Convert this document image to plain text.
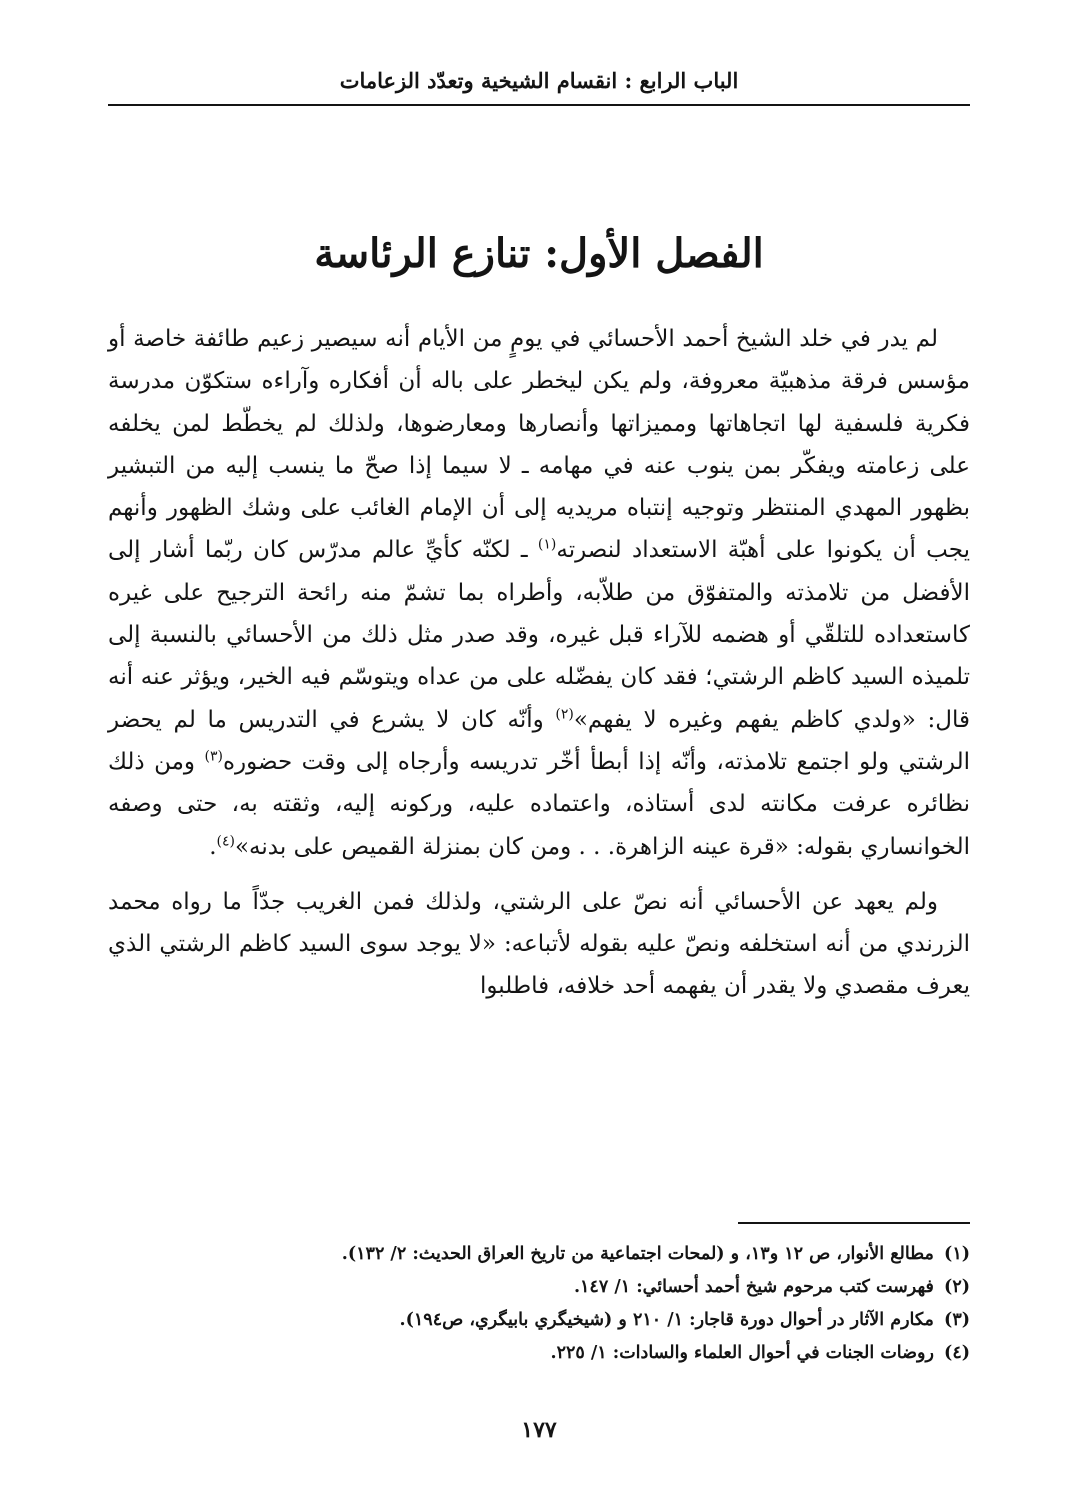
الباب الرابع : انقسام الشيخية وتعدّد الزعامات
الفصل الأول: تنازع الرئاسة

لم يدر في خلد الشيخ أحمد الأحسائي في يومٍ من الأيام أنه سيصير زعيم طائفة خاصة أو مؤسس فرقة مذهبيّة معروفة، ولم يكن ليخطر على باله أن أفكاره وآراءه ستكوّن مدرسة فكرية فلسفية لها اتجاهاتها ومميزاتها وأنصارها ومعارضوها، ولذلك لم يخطّط لمن يخلفه على زعامته ويفكّر بمن ينوب عنه في مهامه ـ لا سيما إذا صحّ ما ينسب إليه من التبشير بظهور المهدي المنتظر وتوجيه إنتباه مريديه إلى أن الإمام الغائب على وشك الظهور وأنهم يجب أن يكونوا على أهبّة الاستعداد لنصرته$^{(١)}$ ـ لكنّه كأيِّ عالم مدرّس كان ربّما أشار إلى الأفضل من تلامذته والمتفوّق من طلاّبه، وأطراه بما تشمّ منه رائحة الترجيح على غيره كاستعداده للتلقّي أو هضمه للآراء قبل غيره، وقد صدر مثل ذلك من الأحسائي بالنسبة إلى تلميذه السيد كاظم الرشتي؛ فقد كان يفضّله على من عداه ويتوسّم فيه الخير، ويؤثر عنه أنه قال: «ولدي كاظم يفهم وغيره لا يفهم»$^{(٢)}$ وأنّه كان لا يشرع في التدريس ما لم يحضر الرشتي ولو اجتمع تلامذته، وأنّه إذا أبطأ أخّر تدريسه وأرجاه إلى وقت حضوره$^{(٣)}$ ومن ذلك نظائره عرفت مكانته لدى أستاذه، واعتماده عليه، وركونه إليه، وثقته به، حتى وصفه الخوانساري بقوله: «قرة عينه الزاهرة. . . ومن كان بمنزلة القميص على بدنه»$^{(٤)}$.

ولم يعهد عن الأحسائي أنه نصّ على الرشتي، ولذلك فمن الغريب جدّاً ما رواه محمد الزرندي من أنه استخلفه ونصّ عليه بقوله لأتباعه: «لا يوجد سوى السيد كاظم الرشتي الذي يعرف مقصدي ولا يقدر أن يفهمه أحد خلافه، فاطلبوا

(١) مطالع الأنوار، ص ١٢ و١٣، و (لمحات اجتماعية من تاريخ العراق الحديث: ٢/ ١٣٢).
(٢) فهرست كتب مرحوم شيخ أحمد أحسائي: ١/ ١٤٧.
(٣) مكارم الآثار در أحوال دورة قاجار: ١/ ٢١٠ و (شيخيگري بابيگري، ص١٩٤).
(٤) روضات الجنات في أحوال العلماء والسادات: ١/ ٢٢٥.
١٧٧
